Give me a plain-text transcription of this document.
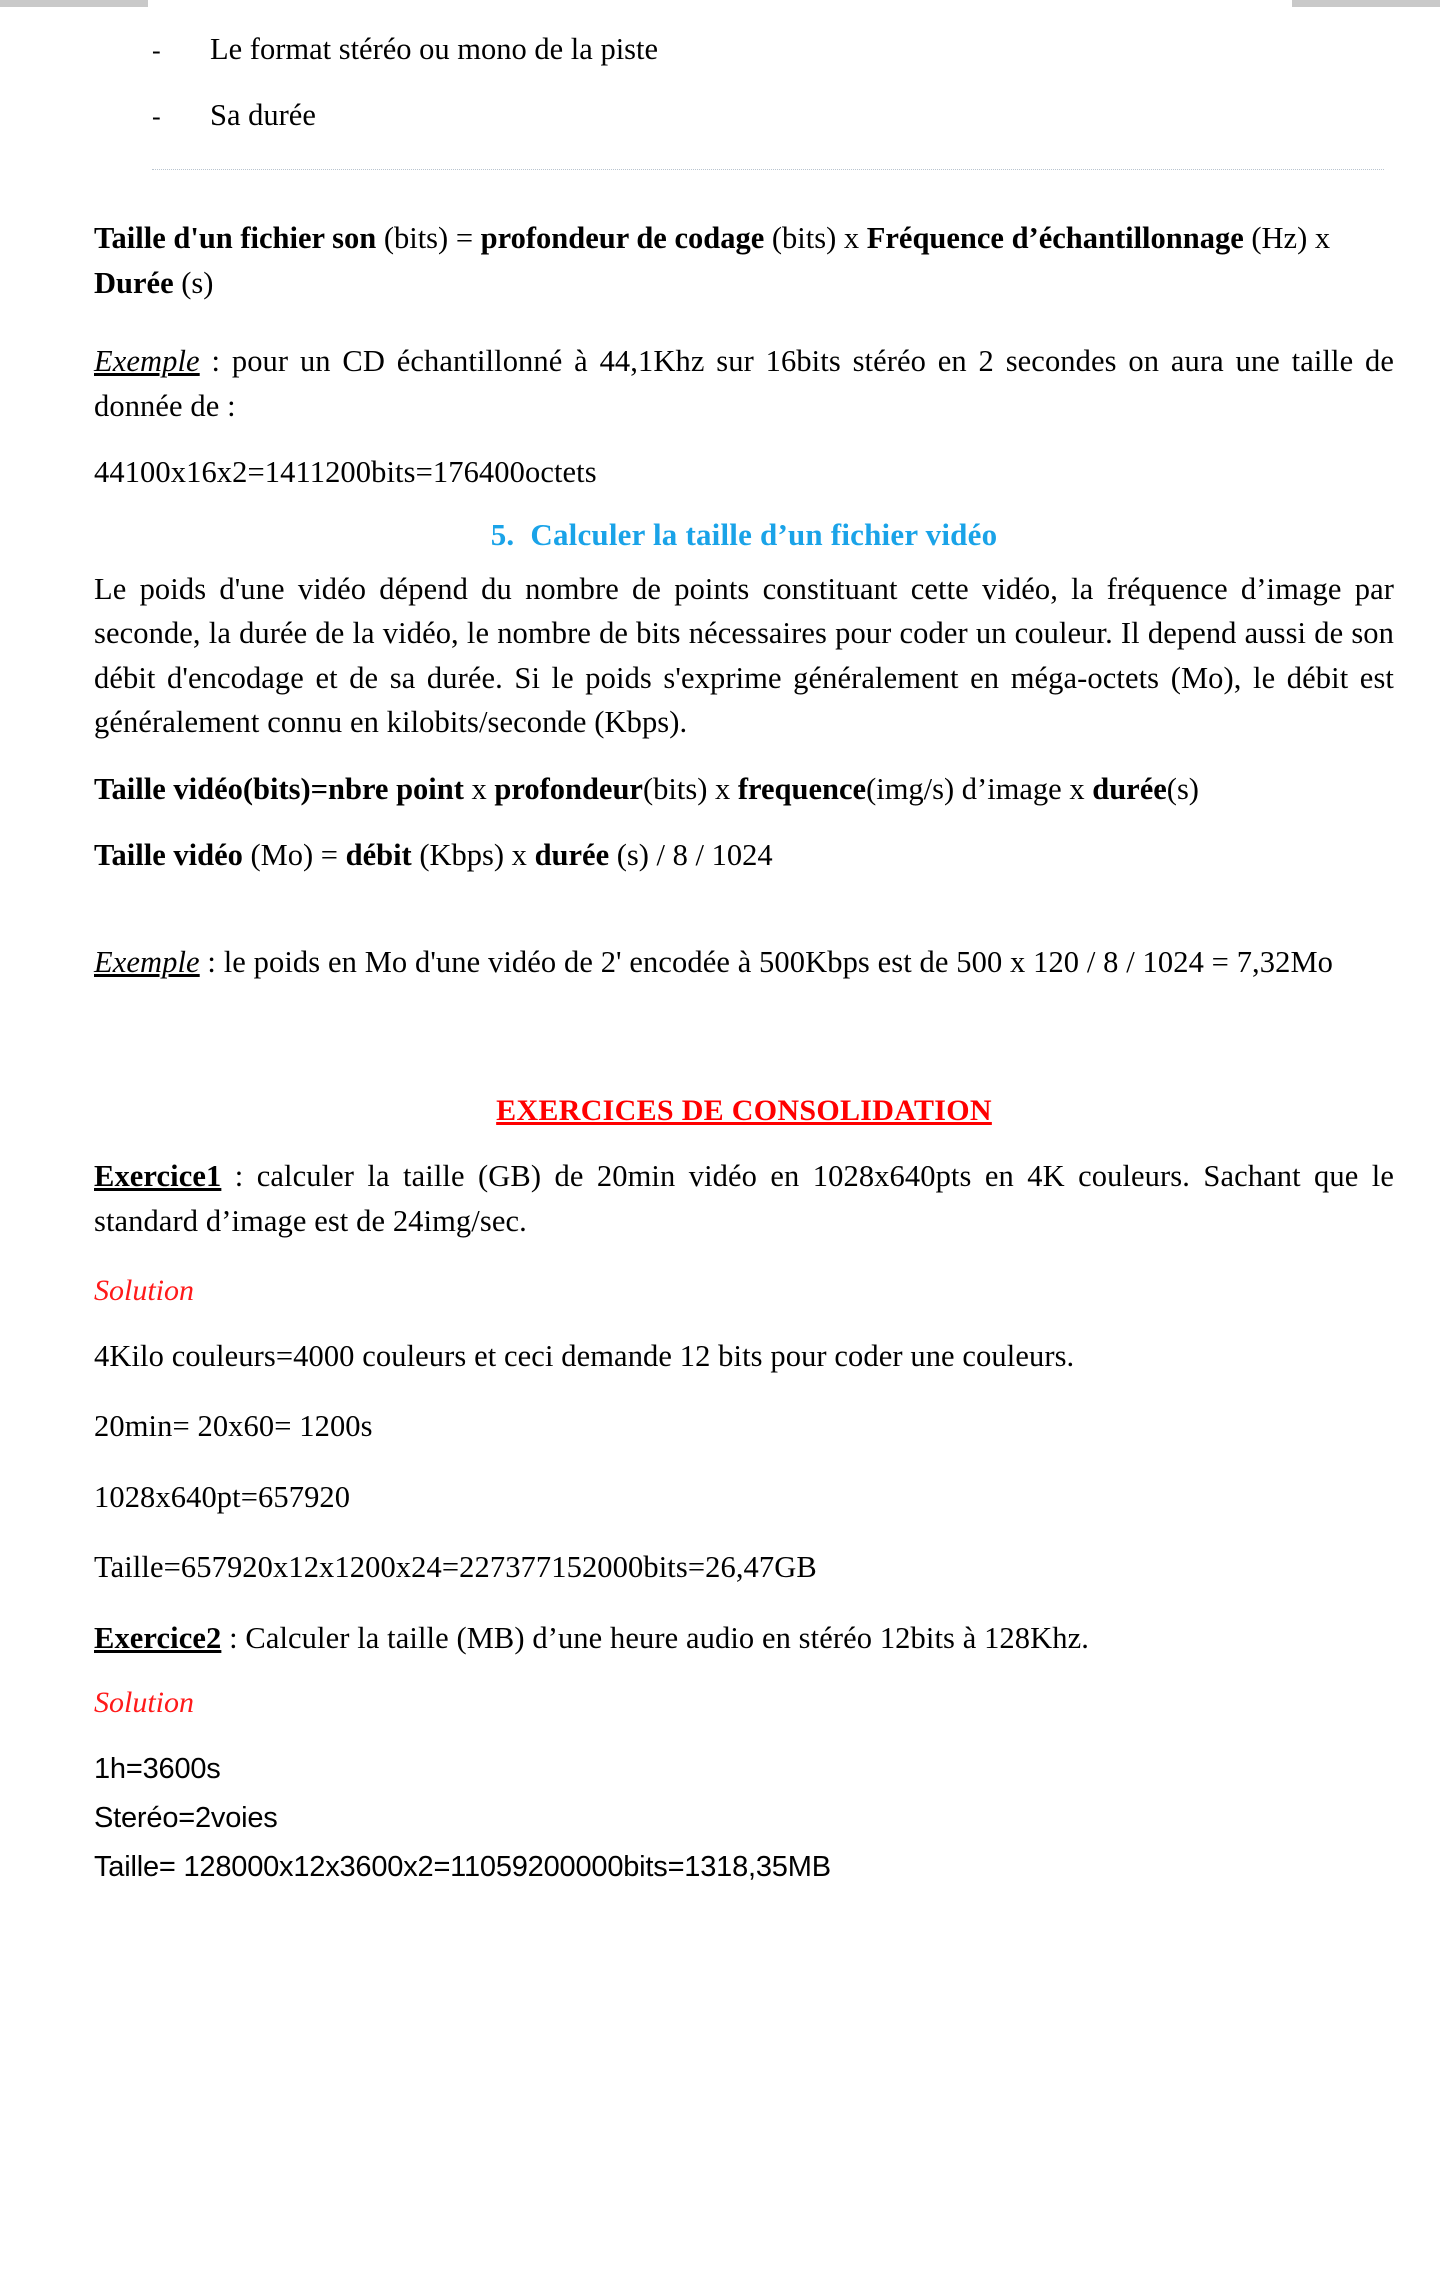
-	Le format stéréo ou mono de la piste
-	Sa durée

Taille d'un fichier son (bits) = profondeur de codage (bits) x Fréquence d’échantillonnage (Hz) x Durée (s)

Exemple : pour un CD échantillonné à 44,1Khz sur 16bits stéréo en 2 secondes on aura une taille de donnée de :

44100x16x2=1411200bits=176400octets

5. Calculer la taille d’un fichier vidéo

Le poids d'une vidéo dépend du nombre de points constituant cette vidéo, la fréquence d’image par seconde, la durée de la vidéo, le nombre de bits nécessaires pour coder un couleur. Il depend aussi de son débit d'encodage et de sa durée. Si le poids s'exprime généralement en méga-octets (Mo), le débit est généralement connu en kilobits/seconde (Kbps).

Taille vidéo(bits)=nbre point x profondeur(bits) x frequence(img/s) d’image x durée(s)

Taille vidéo (Mo) = débit (Kbps) x durée (s) / 8 / 1024

Exemple : le poids en Mo d'une vidéo de 2' encodée à 500Kbps est de 500 x 120 / 8 / 1024 = 7,32Mo

EXERCICES DE CONSOLIDATION

Exercice1 : calculer la taille (GB) de 20min vidéo en 1028x640pts en 4K couleurs. Sachant que le standard d’image est de 24img/sec.

Solution

4Kilo couleurs=4000 couleurs et ceci demande 12 bits pour coder une couleurs.

20min= 20x60= 1200s

1028x640pt=657920

Taille=657920x12x1200x24=227377152000bits=26,47GB

Exercice2 : Calculer la taille (MB) d’une heure audio en stéréo 12bits à 128Khz.

Solution

1h=3600s

Steréo=2voies

Taille= 128000x12x3600x2=11059200000bits=1318,35MB
